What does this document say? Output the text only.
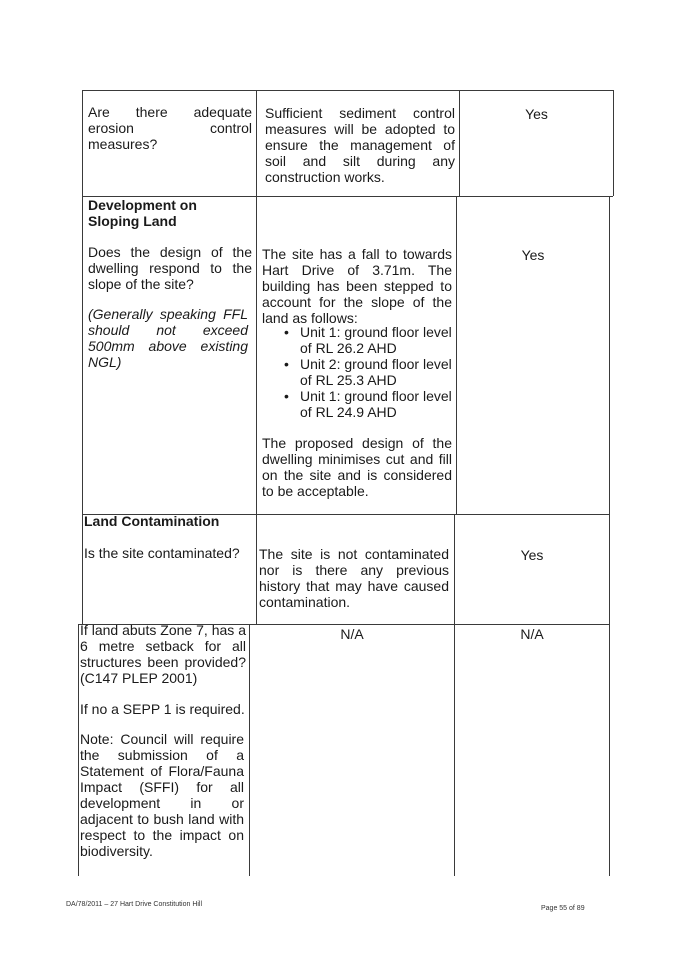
Are there adequate erosion control measures?
Sufficient sediment control measures will be adopted to ensure the management of soil and silt during any construction works.
Yes
Development on Sloping Land
Does the design of the dwelling respond to the slope of the site?
(Generally speaking FFL should not exceed 500mm above existing NGL)
The site has a fall to towards Hart Drive of 3.71m. The building has been stepped to account for the slope of the land as follows:
• Unit 1: ground floor level of RL 26.2 AHD
• Unit 2: ground floor level of RL 25.3 AHD
• Unit 1: ground floor level of RL 24.9 AHD
The proposed design of the dwelling minimises cut and fill on the site and is considered to be acceptable.
Yes
Land Contamination
Is the site contaminated?	The site is not contaminated nor is there any previous history that may have caused contamination.
Yes
If land abuts Zone 7, has a 6 metre setback for all structures been provided? (C147 PLEP 2001)
If no a SEPP 1 is required.
Note: Council will require the submission of a Statement of Flora/Fauna Impact (SFFI) for all development in or adjacent to bush land with respect to the impact on biodiversity.
N/A	N/A
DA/78/2011 – 27 Hart Drive Constitution Hill
Page 55 of 89
